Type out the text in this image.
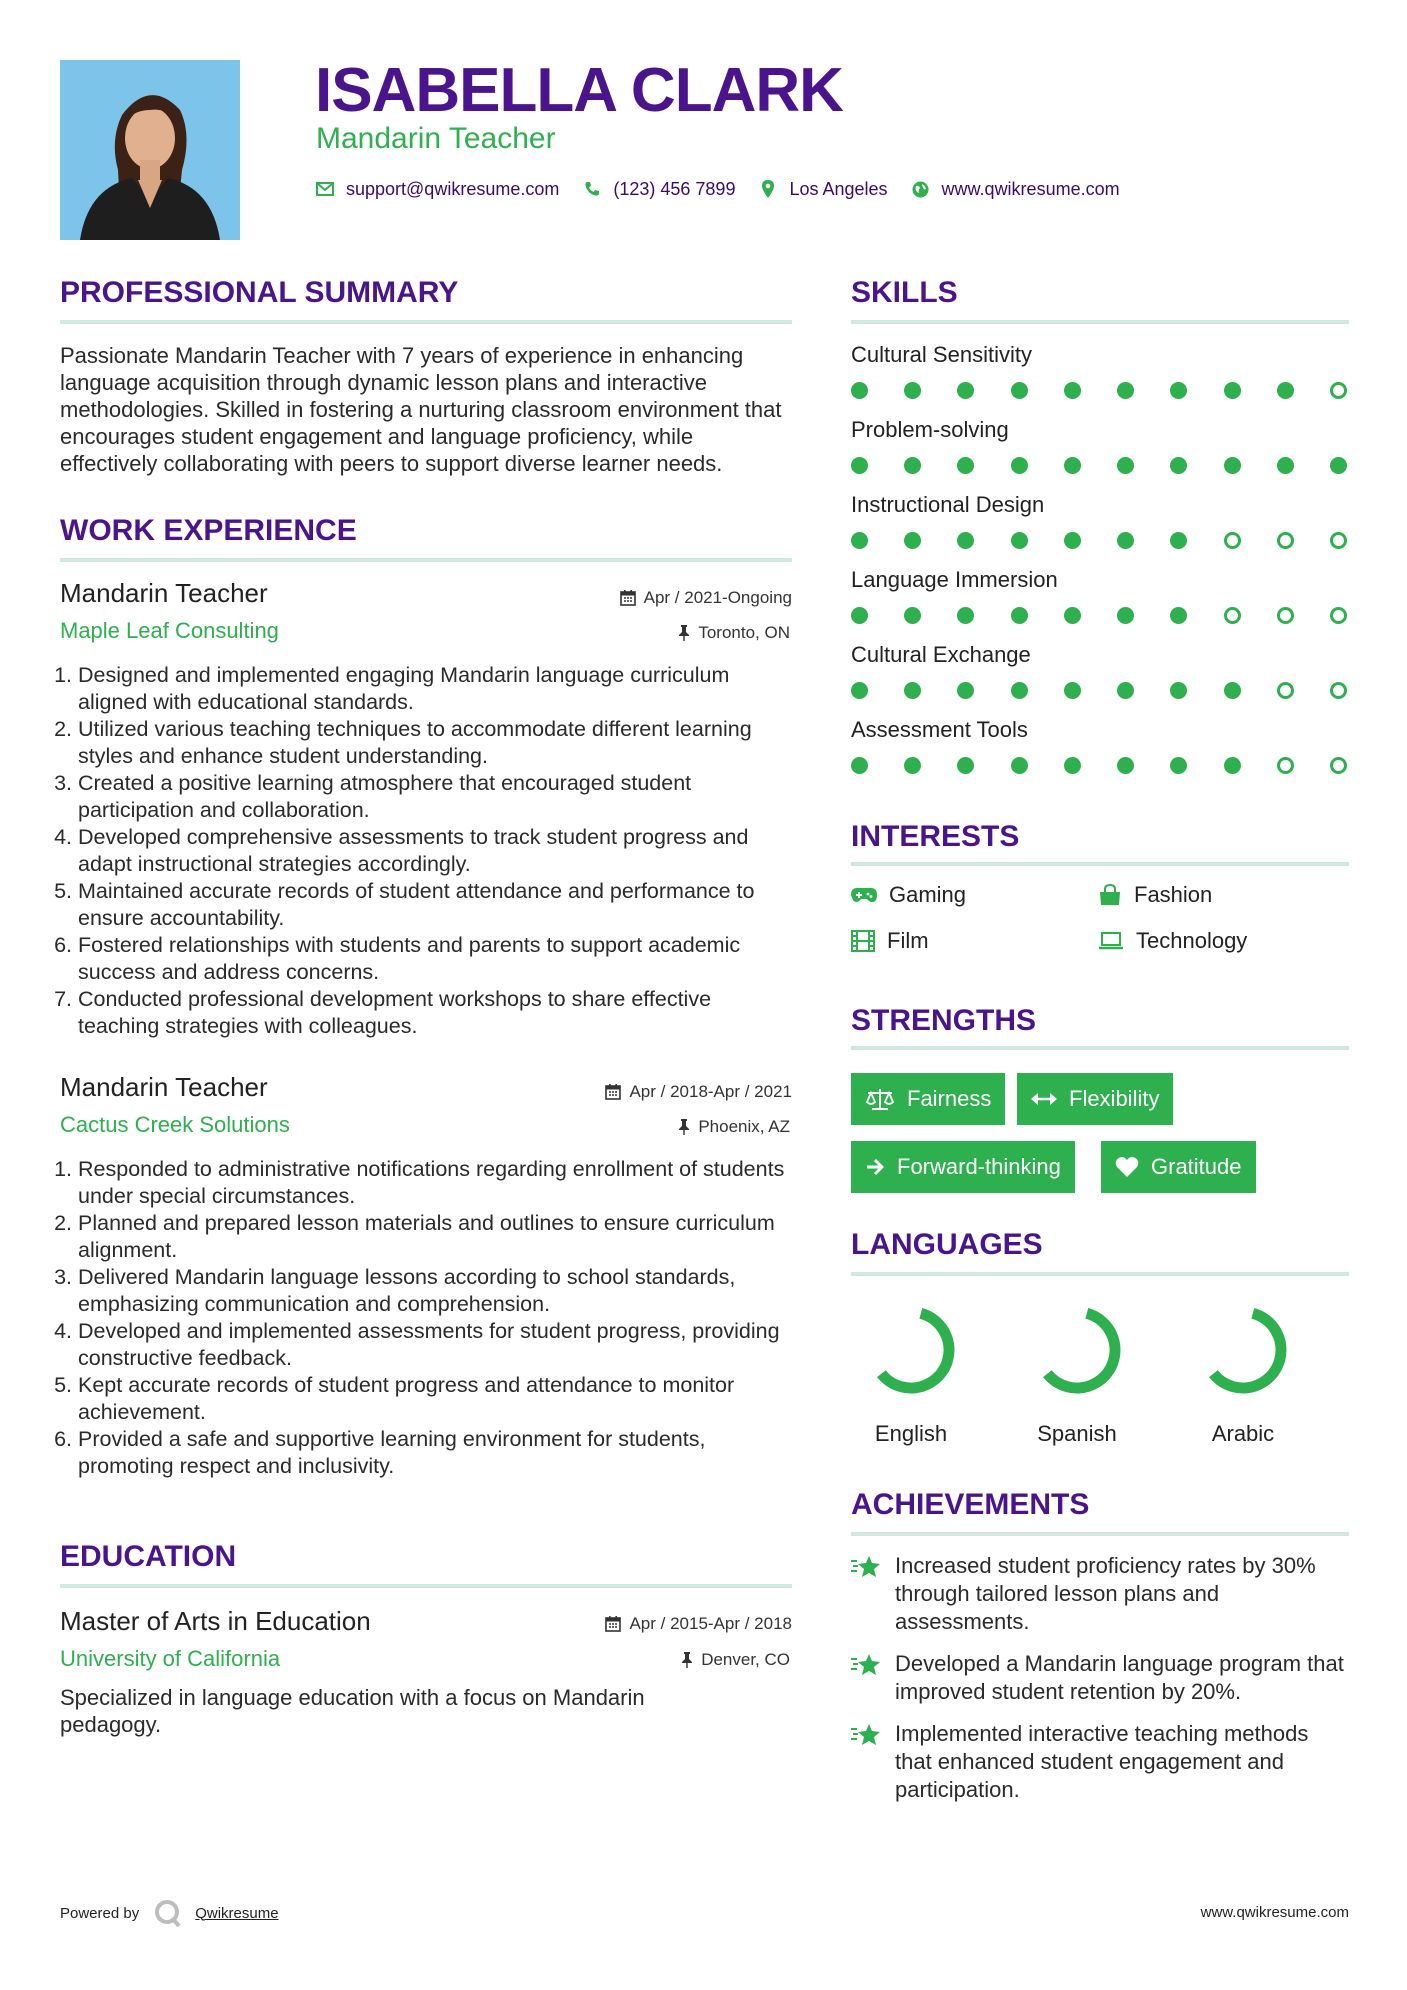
ISABELLA CLARK
Mandarin Teacher
support@qwikresume.com	(123) 456 7899	Los Angeles	www.qwikresume.com
PROFESSIONAL SUMMARY
Passionate Mandarin Teacher with 7 years of experience in enhancing language acquisition through dynamic lesson plans and interactive methodologies. Skilled in fostering a nurturing classroom environment that encourages student engagement and language proficiency, while effectively collaborating with peers to support diverse learner needs.
WORK EXPERIENCE
Mandarin Teacher	Apr / 2021-Ongoing
Maple Leaf Consulting	Toronto, ON
1. Designed and implemented engaging Mandarin language curriculum aligned with educational standards.
2. Utilized various teaching techniques to accommodate different learning styles and enhance student understanding.
3. Created a positive learning atmosphere that encouraged student participation and collaboration.
4. Developed comprehensive assessments to track student progress and adapt instructional strategies accordingly.
5. Maintained accurate records of student attendance and performance to ensure accountability.
6. Fostered relationships with students and parents to support academic success and address concerns.
7. Conducted professional development workshops to share effective teaching strategies with colleagues.
Mandarin Teacher	Apr / 2018-Apr / 2021
Cactus Creek Solutions	Phoenix, AZ
1. Responded to administrative notifications regarding enrollment of students under special circumstances.
2. Planned and prepared lesson materials and outlines to ensure curriculum alignment.
3. Delivered Mandarin language lessons according to school standards, emphasizing communication and comprehension.
4. Developed and implemented assessments for student progress, providing constructive feedback.
5. Kept accurate records of student progress and attendance to monitor achievement.
6. Provided a safe and supportive learning environment for students, promoting respect and inclusivity.
EDUCATION
Master of Arts in Education	Apr / 2015-Apr / 2018
University of California	Denver, CO
Specialized in language education with a focus on Mandarin pedagogy.
SKILLS
Cultural Sensitivity
Problem-solving
Instructional Design
Language Immersion
Cultural Exchange
Assessment Tools
INTERESTS
Gaming	Fashion
Film	Technology
STRENGTHS
Fairness	Flexibility
Forward-thinking	Gratitude
LANGUAGES
English	Spanish	Arabic
ACHIEVEMENTS
Increased student proficiency rates by 30% through tailored lesson plans and assessments.
Developed a Mandarin language program that improved student retention by 20%.
Implemented interactive teaching methods that enhanced student engagement and participation.
Powered by	Qwikresume	www.qwikresume.com
